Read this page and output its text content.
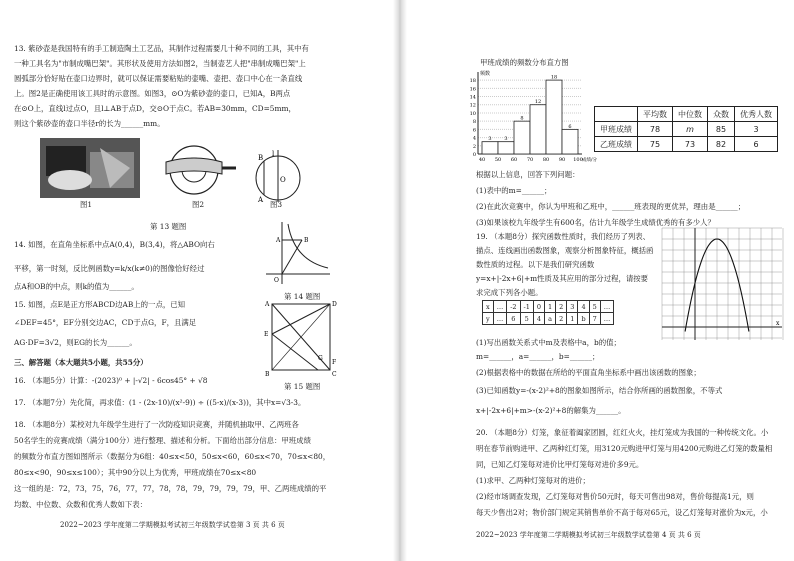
13. 紫砂壶是我国特有的手工制造陶土工艺品，其制作过程需要几十种不同的工具，其中有
一种工具名为"市制成嘴巴架"。其形状及使用方法如图2，当制壶艺人把"串制成嘴巴架"上
圆弧部分恰好贴在壶口边界时，就可以保证需要粘贴的壶嘴、壶把、壶口中心在一条直线
上。图2是正确使用该工具时的示意图。如图3，⊙O为紫砂壶的壶口，已知A，B两点
在⊙O上，直线l过点O，且l⊥AB于点D，交⊙O于点C。若AB=30mm，CD=5mm，
则这个紫砂壶的壶口半径r的长为______mm。
图1	图2
B
A
O
l
图3
第 13 题图
14. 如图，在直角坐标系中点A(0,4)，B(3,4)，将△ABO向右
平移，第一时刻，反比例函数y=k/x(k≠0)的图像恰好经过
点A和OB的中点，则k的值为______。
O
A	B
第 14 题图
15. 如图，点E是正方形ABCD边AB上的一点，已知
∠DEF=45°，EF分别交边AC，CD于点G，F，且满足
AG·DF=3√2，则EG的长为______。
A	D
E
B	C
F
G
第 15 题图
三、解答题（本大题共5小题，共55分）
16. （本题5分）计算：-(2023)⁰ + |-√2| - 6cos45° + √8
17. （本题7分）先化简，再求值：(1 - (2x-10)/(x²-9)) ÷ ((5-x)/(x-3))，其中x=√3-3。
18. （本题8分）某校对九年级学生进行了一次防疫知识竞赛，并随机抽取甲、乙两班各
50名学生的竞赛成绩（满分100分）进行整理、描述和分析。下面给出部分信息：甲班成绩
的频数分布直方图如图所示（数据分为6组：40≤x<50，50≤x<60，60≤x<70，70≤x<80，
80≤x<90，90≤x≤100）；其中90分以上为优秀，甲班成绩在70≤x<80
这一组的是：72，73，75，76，77，77，78，78，79，79，79，79，甲、乙两班成绩的平
均数、中位数、众数和优秀人数如下表：
2022~2023 学年度第二学期模拟考试初三年级数学试卷第 3 页 共 6 页
甲班成绩的频数分布直方图
0
2
4
6
8
10
12
14
16
18
频数
3	3
8
12
18
6
40 50 60 70 80 90 100 成绩/分
	平均数	中位数	众数	优秀人数
甲班成绩	78	m	85	3
乙班成绩	75	73	82	6
根据以上信息，回答下列问题：
(1)表中的m=______；
(2)在此次竞赛中，你认为甲班和乙班中，______班表现的更优异，理由是______；
(3)如果该校九年级学生有600名，估计九年级学生成绩优秀的有多少人？
19. （本题8分）探究函数性质时，我们经历了列表、
描点、连线画出函数图象，观察分析图象特征，概括函
数性质的过程。以下是我们研究函数
y=x+|-2x+6|+m性质及其应用的部分过程，请按要
求完成下列各小题。
x	…	-2	-1	0	1	2	3	4	5	…
y	…	6	5	4	a	2	1	b	7	…
x
(1)写出函数关系式中m及表格中a，b的值；
m=______，a=______，b=______；
(2)根据表格中的数据在所给的平面直角坐标系中画出该函数的图象；
(3)已知函数y=-(x-2)²+8的图象如图所示，结合你所画的函数图象，不等式
x+|-2x+6|+m>-(x-2)²+8的解集为______。
20. （本题8分）灯笼，象征着阖家团圆，红红火火，挂灯笼成为我国的一种传统文化。小
明在春节前购进甲、乙两种红灯笼，用3120元购进甲灯笼与用4200元购进乙灯笼的数量相
同，已知乙灯笼每对进价比甲灯笼每对进价多9元。
(1)求甲、乙两种灯笼每对的进价；
(2)经市场调查发现，乙灯笼每对售价50元时，每天可售出98对，售价每提高1元，则
每天少售出2对；物价部门规定其销售单价不高于每对65元，设乙灯笼每对涨价为x元，小
2022~2023 学年度第二学期模拟考试初三年级数学试卷第 4 页 共 6 页
